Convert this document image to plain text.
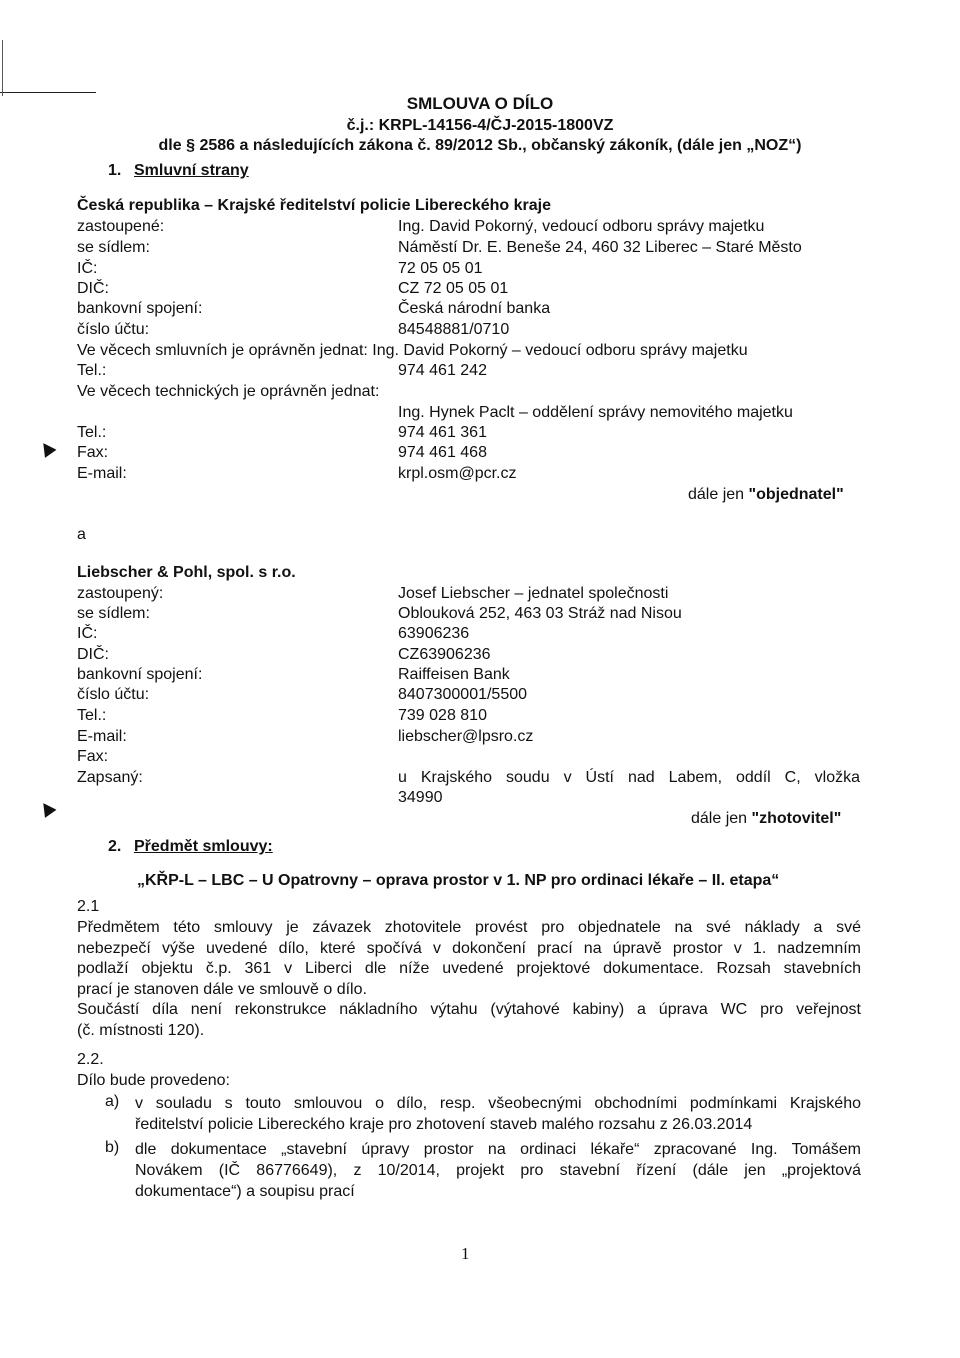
SMLOUVA O DÍLO
č.j.: KRPL-14156-4/ČJ-2015-1800VZ
dle § 2586 a následujících zákona č. 89/2012 Sb., občanský zákoník, (dále jen „NOZ“)
1. Smluvní strany
Česká republika – Krajské ředitelství policie Libereckého kraje
zastoupené:	Ing. David Pokorný, vedoucí odboru správy majetku
se sídlem:	Náměstí Dr. E. Beneše 24, 460 32 Liberec – Staré Město
IČ:	72 05 05 01
DIČ:	CZ 72 05 05 01
bankovní spojení:	Česká národní banka
číslo účtu:	84548881/0710
Ve věcech smluvních je oprávněn jednat: Ing. David Pokorný – vedoucí odboru správy majetku
Tel.:	974 461 242
Ve věcech technických je oprávněn jednat:
Ing. Hynek Paclt – oddělení správy nemovitého majetku
Tel.:	974 461 361
Fax:	974 461 468
E-mail:	krpl.osm@pcr.cz
dále jen "objednatel"
a
Liebscher & Pohl, spol. s r.o.
zastoupený:	Josef Liebscher – jednatel společnosti
se sídlem:	Oblouková 252, 463 03 Stráž nad Nisou
IČ:	63906236
DIČ:	CZ63906236
bankovní spojení:	Raiffeisen Bank
číslo účtu:	8407300001/5500
Tel.:	739 028 810
E-mail:	liebscher@lpsro.cz
Fax:
Zapsaný:	u Krajského soudu v Ústí nad Labem, oddíl C, vložka
34990
dále jen "zhotovitel"
2. Předmět smlouvy:
„KŘP-L – LBC – U Opatrovny – oprava prostor v 1. NP pro ordinaci lékaře – II. etapa“
2.1
Předmětem této smlouvy je závazek zhotovitele provést pro objednatele na své náklady a své
nebezpečí výše uvedené dílo, které spočívá v dokončení prací na úpravě prostor v 1. nadzemním
podlaží objektu č.p. 361 v Liberci dle níže uvedené projektové dokumentace. Rozsah stavebních
prací je stanoven dále ve smlouvě o dílo.
Součástí díla není rekonstrukce nákladního výtahu (výtahové kabiny) a úprava WC pro veřejnost
(č. místnosti 120).
2.2.
Dílo bude provedeno:
a) v souladu s touto smlouvou o dílo, resp. všeobecnými obchodními podmínkami Krajského
ředitelství policie Libereckého kraje pro zhotovení staveb malého rozsahu z 26.03.2014
b) dle dokumentace „stavební úpravy prostor na ordinaci lékaře“ zpracované Ing. Tomášem
Novákem (IČ 86776649), z 10/2014, projekt pro stavební řízení (dále jen „projektová
dokumentace“) a soupisu prací
1
